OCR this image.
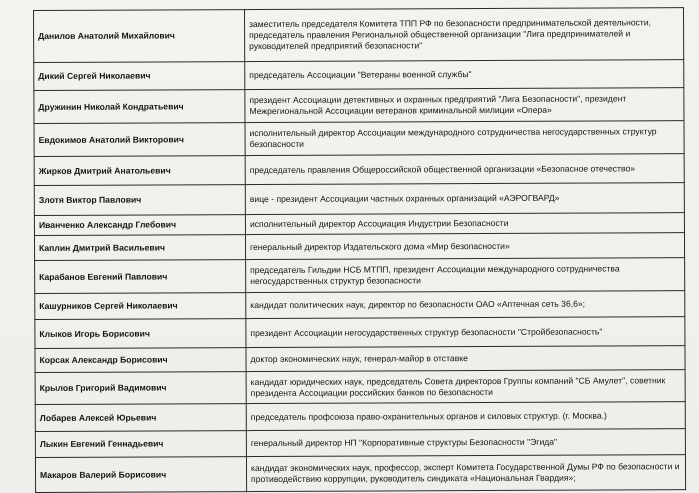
Данилов Анатолий Михайлович	заместитель председателя Комитета ТПП РФ по безопасности предпринимательской деятельности, председатель правления Региональной общественной организации "Лига предпринимателей и руководителей предприятий безопасности"
Дикий Сергей Николаевич	председатель Ассоциации "Ветераны военной службы"
Дружинин Николай Кондратьевич	президент Ассоциации детективных и охранных предприятий "Лига Безопасности", президент Межрегиональной Ассоциации ветеранов криминальной милиции «Опера»
Евдокимов Анатолий Викторович	исполнительный директор Ассоциации международного сотрудничества негосударственных структур безопасности
Жирков Дмитрий Анатольевич	председатель правления Общероссийской общественной организации «Безопасное отечество»
Злотя Виктор Павлович	вице - президент Ассоциации частных охранных организаций «АЭРОГВАРД»
Иванченко Александр Глебович	исполнительный директор Ассоциация Индустрии Безопасности
Каплин Дмитрий Васильевич	генеральный директор Издательского дома «Мир безопасности»
Карабанов Евгений Павлович	председатель Гильдии НСБ МТПП, президент Ассоциации международного сотрудничества негосударственных структур безопасности
Кашурников Сергей Николаевич	кандидат политических наук, директор по безопасности ОАО «Аптечная сеть 36,6»;
Клыков Игорь Борисович	президент Ассоциации негосударственных структур безопасности "Стройбезопасность"
Корсак Александр Борисович	доктор экономических наук, генерал-майор в отставке
Крылов Григорий Вадимович	кандидат юридических наук, председатель Совета директоров Группы компаний "СБ Амулет", советник президента Ассоциации российских банков по безопасности
Лобарев Алексей Юрьевич	председатель профсоюза право-охранительных органов и силовых структур. (г. Москва.)
Лыкин Евгений Геннадьевич	генеральный директор НП "Корпоративные структуры Безопасности "Эгида"
Макаров Валерий Борисович	кандидат экономических наук, профессор, эксперт Комитета Государственной Думы РФ по безопасности и противодействию коррупции, руководитель синдиката «Национальная Гвардия»;
